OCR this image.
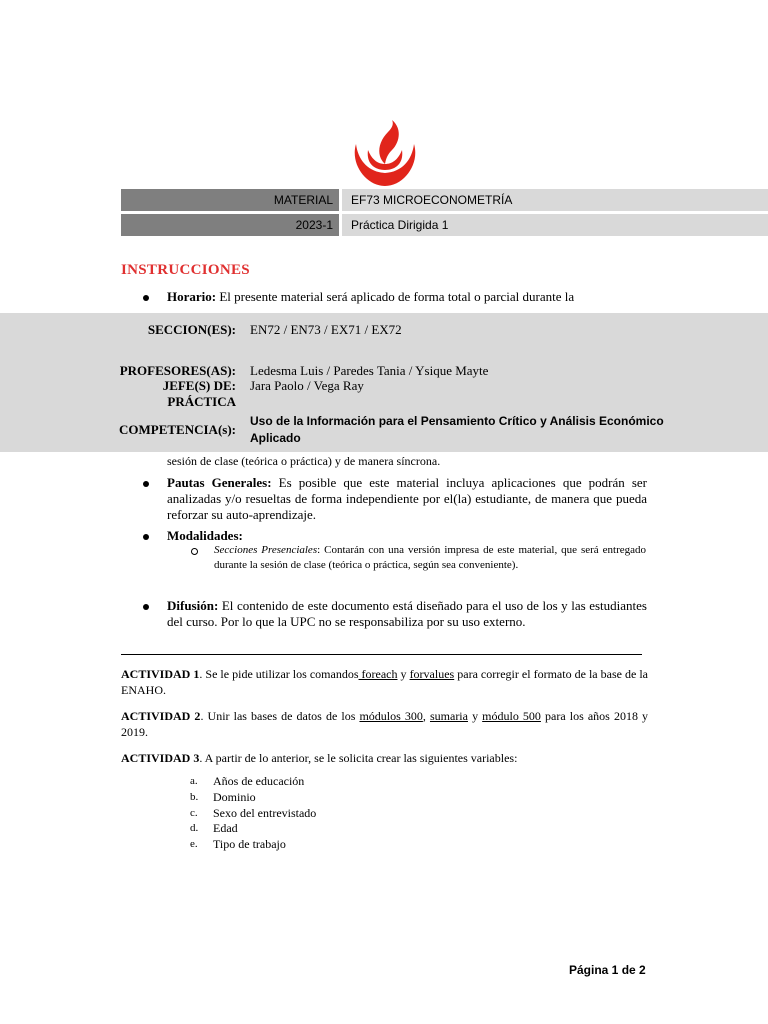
MATERIAL	EF73 MICROECONOMETRÍA
2023-1	Práctica Dirigida 1
INSTRUCCIONES
Horario: El presente material será aplicado de forma total o parcial durante la
SECCION(ES): EN72 / EN73 / EX71 / EX72
PROFESORES(AS): Ledesma Luis / Paredes Tania / Ysique Mayte
JEFE(S) DE: Jara Paolo / Vega Ray
PRÁCTICA
COMPETENCIA(s):
Uso de la Información para el Pensamiento Crítico y Análisis Económico Aplicado
sesión de clase (teórica o práctica) y de manera síncrona.
Pautas Generales: Es posible que este material incluya aplicaciones que podrán ser analizadas y/o resueltas de forma independiente por el(la) estudiante, de manera que pueda reforzar su auto-aprendizaje.
Modalidades:
Secciones Presenciales: Contarán con una versión impresa de este material, que será entregado durante la sesión de clase (teórica o práctica, según sea conveniente).
Difusión: El contenido de este documento está diseñado para el uso de los y las estudiantes del curso. Por lo que la UPC no se responsabiliza por su uso externo.
ACTIVIDAD 1. Se le pide utilizar los comandos foreach y forvalues para corregir el formato de la base de la ENAHO.
ACTIVIDAD 2. Unir las bases de datos de los módulos 300, sumaria y módulo 500 para los años 2018 y 2019.
ACTIVIDAD 3. A partir de lo anterior, se le solicita crear las siguientes variables:
a. Años de educación
b. Dominio
c. Sexo del entrevistado
d. Edad
e. Tipo de trabajo
Página 1 de 2
